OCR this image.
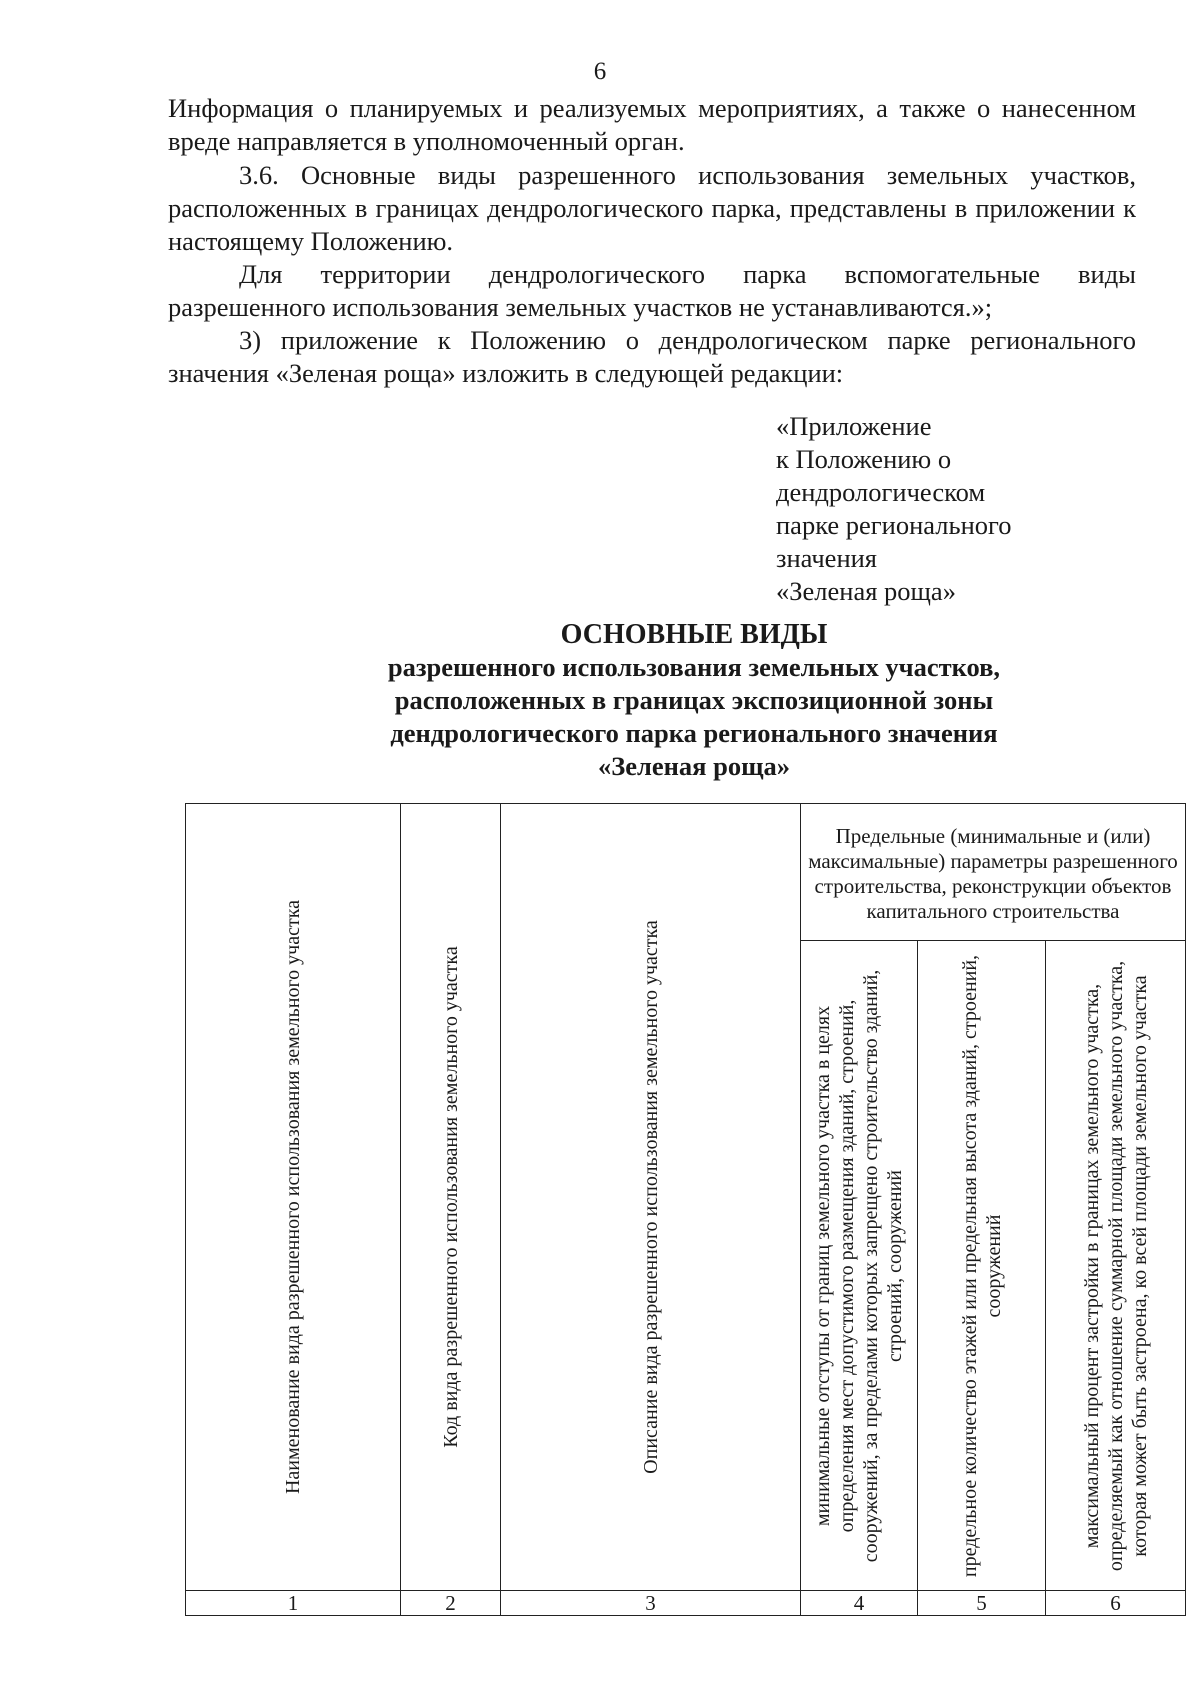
6

Информация о планируемых и реализуемых мероприятиях, а также о нанесенном вреде направляется в уполномоченный орган.

3.6. Основные виды разрешенного использования земельных участков, расположенных в границах дендрологического парка, представлены в приложении к настоящему Положению.

Для территории дендрологического парка вспомогательные виды разрешенного использования земельных участков не устанавливаются.»;

3) приложение к Положению о дендрологическом парке регионального значения «Зеленая роща» изложить в следующей редакции:

«Приложение
к Положению о
дендрологическом
парке регионального
значения
«Зеленая роща»
ОСНОВНЫЕ ВИДЫ
разрешенного использования земельных участков, расположенных в границах экспозиционной зоны дендрологического парка регионального значения «Зеленая роща»
Наименование вида разрешенного использования земельного участка	Код вида разрешенного использования земельного участка	Описание вида разрешенного использования земельного участка	Предельные (минимальные и (или) максимальные) параметры разрешенного строительства, реконструкции объектов капитального строительства		

			минимальные отступы от границ земельного участка в целях определения мест допустимого размещения зданий, строений, сооружений, за пределами которых запрещено строительство зданий, строений, сооружений	предельное количество этажей или предельная высота зданий, строений, сооружений	максимальный процент застройки в границах земельного участка, определяемый как отношение суммарной площади земельного участка, которая может быть застроена, ко всей площади земельного участка

1	2	3	4	5	6
